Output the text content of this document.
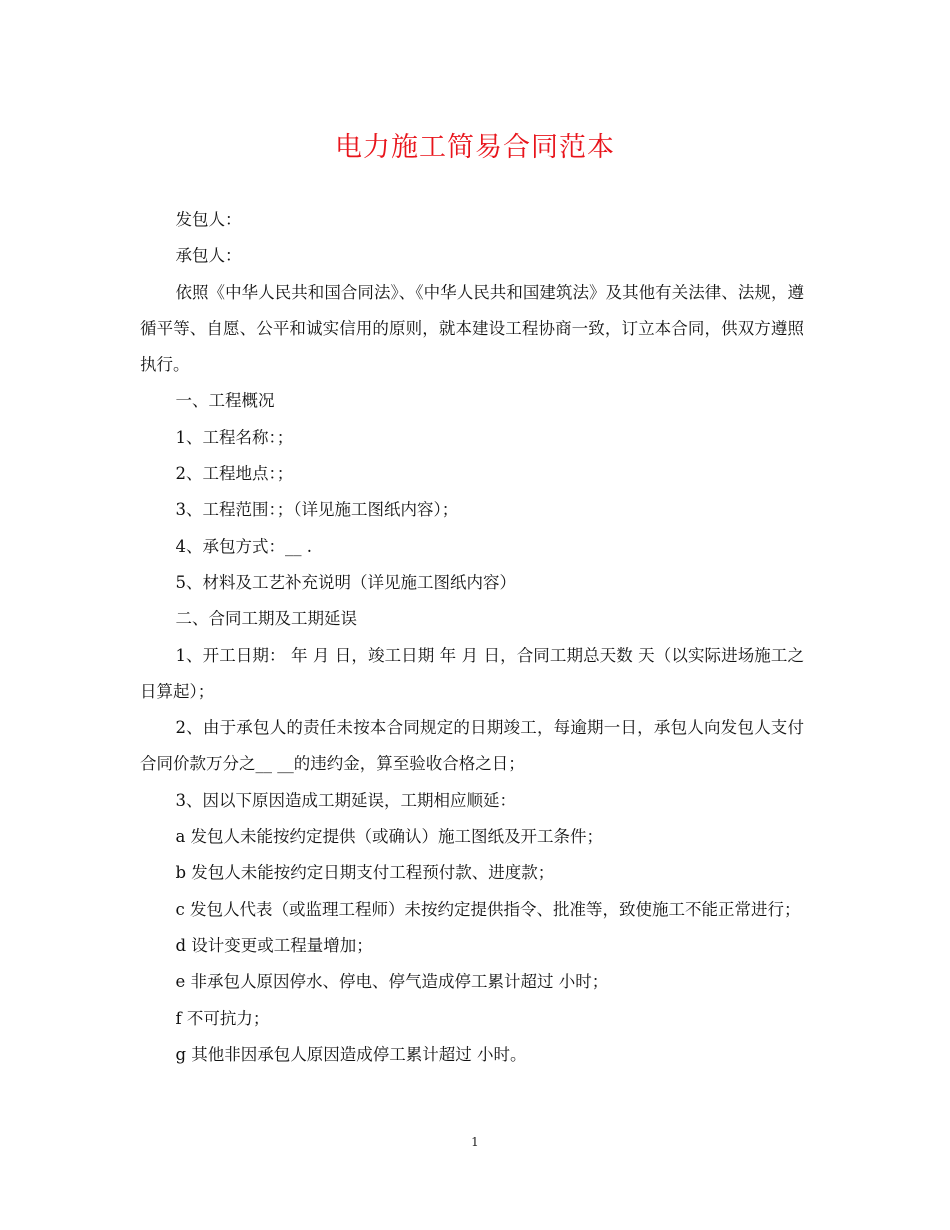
电力施工简易合同范本

发包人：

承包人：

依照《中华人民共和国合同法》、《中华人民共和国建筑法》及其他有关法律、法规，遵循平等、自愿、公平和诚实信用的原则，就本建设工程协商一致，订立本合同，供双方遵照执行。

一、工程概况

1、工程名称：；

2、工程地点：；

3、工程范围：；（详见施工图纸内容）；

4、承包方式：__ .

5、材料及工艺补充说明（详见施工图纸内容）

二、合同工期及工期延误

1、开工日期： 年 月 日，竣工日期 年 月 日，合同工期总天数 天（以实际进场施工之日算起）；

2、由于承包人的责任未按本合同规定的日期竣工，每逾期一日，承包人向发包人支付合同价款万分之__ __的违约金，算至验收合格之日；

3、因以下原因造成工期延误，工期相应顺延：

a 发包人未能按约定提供（或确认）施工图纸及开工条件；

b 发包人未能按约定日期支付工程预付款、进度款；

c 发包人代表（或监理工程师）未按约定提供指令、批准等，致使施工不能正常进行；

d 设计变更或工程量增加；

e 非承包人原因停水、停电、停气造成停工累计超过 小时；

f 不可抗力；

g 其他非因承包人原因造成停工累计超过 小时。

1
